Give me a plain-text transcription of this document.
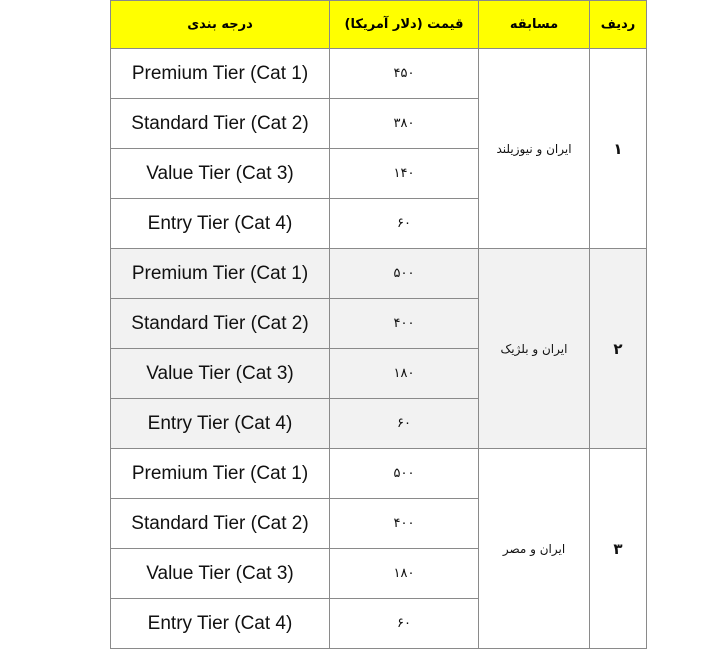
درجه بندی	قیمت (دلار آمریکا)	مسابقه	ردیف
Premium Tier (Cat 1)	۴۵۰	ایران و نیوزیلند	۱
Standard Tier (Cat 2)	۳۸۰		
Value Tier (Cat 3)	۱۴۰		
Entry Tier (Cat 4)	۶۰		
Premium Tier (Cat 1)	۵۰۰	ایران و بلژیک	۲
Standard Tier (Cat 2)	۴۰۰		
Value Tier (Cat 3)	۱۸۰		
Entry Tier (Cat 4)	۶۰		
Premium Tier (Cat 1)	۵۰۰	ایران و مصر	۳
Standard Tier (Cat 2)	۴۰۰		
Value Tier (Cat 3)	۱۸۰		
Entry Tier (Cat 4)	۶۰		
